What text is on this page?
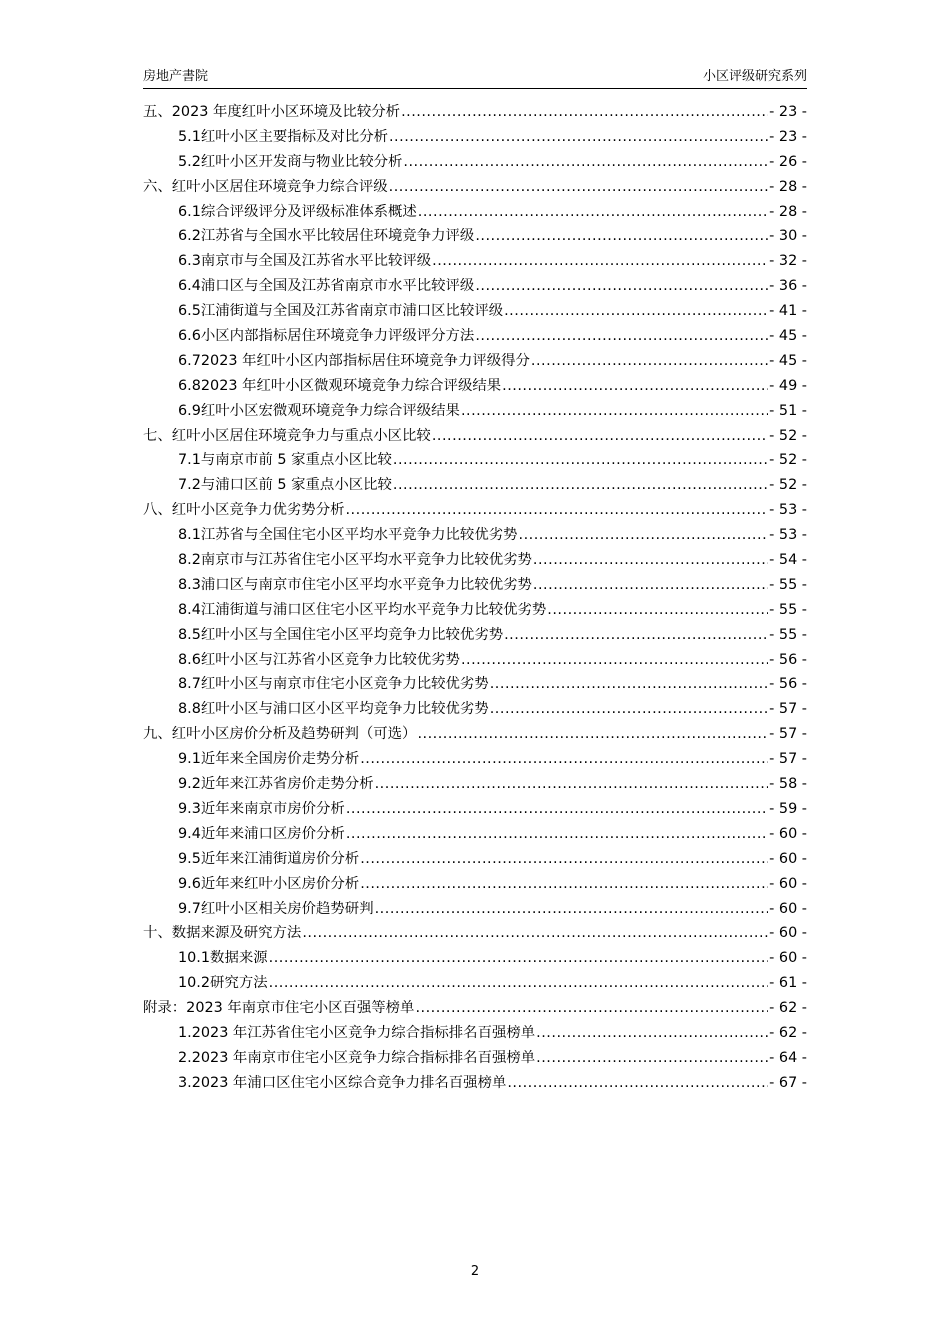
房地产書院	小区评级研究系列
五、2023 年度红叶小区环境及比较分析 .....	- 23 -
5.1 红叶小区主要指标及对比分析 .....	- 23 -
5.2 红叶小区开发商与物业比较分析 .....	- 26 -
六、红叶小区居住环境竞争力综合评级 .....	- 28 -
6.1 综合评级评分及评级标准体系概述 .....	- 28 -
6.2 江苏省与全国水平比较居住环境竞争力评级 .....	- 30 -
6.3 南京市与全国及江苏省水平比较评级 .....	- 32 -
6.4 浦口区与全国及江苏省南京市水平比较评级 .....	- 36 -
6.5 江浦街道与全国及江苏省南京市浦口区比较评级 .....	- 41 -
6.6 小区内部指标居住环境竞争力评级评分方法 .....	- 45 -
6.7 2023 年红叶小区内部指标居住环境竞争力评级得分 .....	- 45 -
6.8 2023 年红叶小区微观环境竞争力综合评级结果 .....	- 49 -
6.9 红叶小区宏微观环境竞争力综合评级结果 .....	- 51 -
七、红叶小区居住环境竞争力与重点小区比较 .....	- 52 -
7.1 与南京市前 5 家重点小区比较 .....	- 52 -
7.2 与浦口区前 5 家重点小区比较 .....	- 52 -
八、红叶小区竞争力优劣势分析 .....	- 53 -
8.1 江苏省与全国住宅小区平均水平竞争力比较优劣势 .....	- 53 -
8.2 南京市与江苏省住宅小区平均水平竞争力比较优劣势 .....	- 54 -
8.3 浦口区与南京市住宅小区平均水平竞争力比较优劣势 .....	- 55 -
8.4 江浦街道与浦口区住宅小区平均水平竞争力比较优劣势 .....	- 55 -
8.5 红叶小区与全国住宅小区平均竞争力比较优劣势 .....	- 55 -
8.6 红叶小区与江苏省小区竞争力比较优劣势 .....	- 56 -
8.7 红叶小区与南京市住宅小区竞争力比较优劣势 .....	- 56 -
8.8 红叶小区与浦口区小区平均竞争力比较优劣势 .....	- 57 -
九、红叶小区房价分析及趋势研判（可选） .....	- 57 -
9.1 近年来全国房价走势分析 .....	- 57 -
9.2 近年来江苏省房价走势分析 .....	- 58 -
9.3 近年来南京市房价分析 .....	- 59 -
9.4 近年来浦口区房价分析 .....	- 60 -
9.5 近年来江浦街道房价分析 .....	- 60 -
9.6 近年来红叶小区房价分析 .....	- 60 -
9.7 红叶小区相关房价趋势研判 .....	- 60 -
十、数据来源及研究方法 .....	- 60 -
10.1 数据来源 .....	- 60 -
10.2 研究方法 .....	- 61 -
附录：2023 年南京市住宅小区百强等榜单 .....	- 62 -
1. 2023 年江苏省住宅小区竞争力综合指标排名百强榜单 .....	- 62 -
2. 2023 年南京市住宅小区竞争力综合指标排名百强榜单 .....	- 64 -
3. 2023 年浦口区住宅小区综合竞争力排名百强榜单 .....	- 67 -
2
